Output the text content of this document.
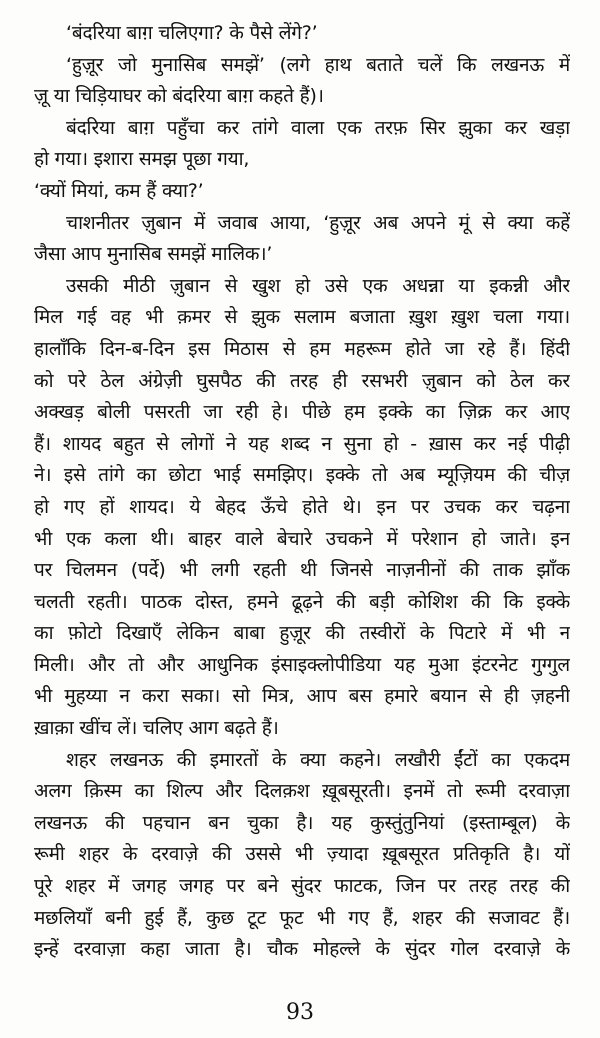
‘बंदरिया बाग़ चलिएगा? के पैसे लेंगे?’
‘हुज़ूर जो मुनासिब समझें’ (लगे हाथ बताते चलें कि लखनऊ में
ज़ू या चिड़ियाघर को बंदरिया बाग़ कहते हैं)।
बंदरिया बाग़ पहुँचा कर तांगे वाला एक तरफ़ सिर झुका कर खड़ा
हो गया। इशारा समझ पूछा गया,
‘क्यों मियां, कम हैं क्या?’
चाशनीतर ज़ुबान में जवाब आया, ‘हुज़ूर अब अपने मूं से क्या कहें
जैसा आप मुनासिब समझें मालिक।’
उसकी मीठी ज़ुबान से खुश हो उसे एक अधन्ना या इकन्नी और
मिल गई वह भी क़मर से झुक सलाम बजाता ख़ुश ख़ुश चला गया।
हालाँकि दिन-ब-दिन इस मिठास से हम महरूम होते जा रहे हैं। हिंदी
को परे ठेल अंग्रेज़ी घुसपैठ की तरह ही रसभरी ज़ुबान को ठेल कर
अक्खड़ बोली पसरती जा रही हे। पीछे हम इक्के का ज़िक्र कर आए
हैं। शायद बहुत से लोगों ने यह शब्द न सुना हो - ख़ास कर नई पीढ़ी
ने। इसे तांगे का छोटा भाई समझिए। इक्के तो अब म्यूज़ियम की चीज़
हो गए हों शायद। ये बेहद ऊँचे होते थे। इन पर उचक कर चढ़ना
भी एक कला थी। बाहर वाले बेचारे उचकने में परेशान हो जाते। इन
पर चिलमन (पर्दे) भी लगी रहती थी जिनसे नाज़नीनों की ताक झाँक
चलती रहती। पाठक दोस्त, हमने ढूढ़ने की बड़ी कोशिश की कि इक्के
का फ़ोटो दिखाएँ लेकिन बाबा हुज़ूर की तस्वीरों के पिटारे में भी न
मिली। और तो और आधुनिक इंसाइक्लोपीडिया यह मुआ इंटरनेट गुग्गुल
भी मुहय्या न करा सका। सो मित्र, आप बस हमारे बयान से ही ज़हनी
ख़ाक़ा खींच लें। चलिए आग बढ़ते हैं।
शहर लखनऊ की इमारतों के क्या कहने। लखौरी ईंटों का एकदम
अलग क़िस्म का शिल्प और दिलक़श ख़ूबसूरती। इनमें तो रूमी दरवाज़ा
लखनऊ की पहचान बन चुका है। यह कुस्तुंतुनियां (इस्ताम्बूल) के
रूमी शहर के दरवाज़े की उससे भी ज़्यादा ख़ूबसूरत प्रतिकृति है। यों
पूरे शहर में जगह जगह पर बने सुंदर फाटक, जिन पर तरह तरह की
मछलियाँ बनी हुई हैं, कुछ टूट फूट भी गए हैं, शहर की सजावट हैं।
इन्हें दरवाज़ा कहा जाता है। चौक मोहल्ले के सुंदर गोल दरवाज़े के
93
